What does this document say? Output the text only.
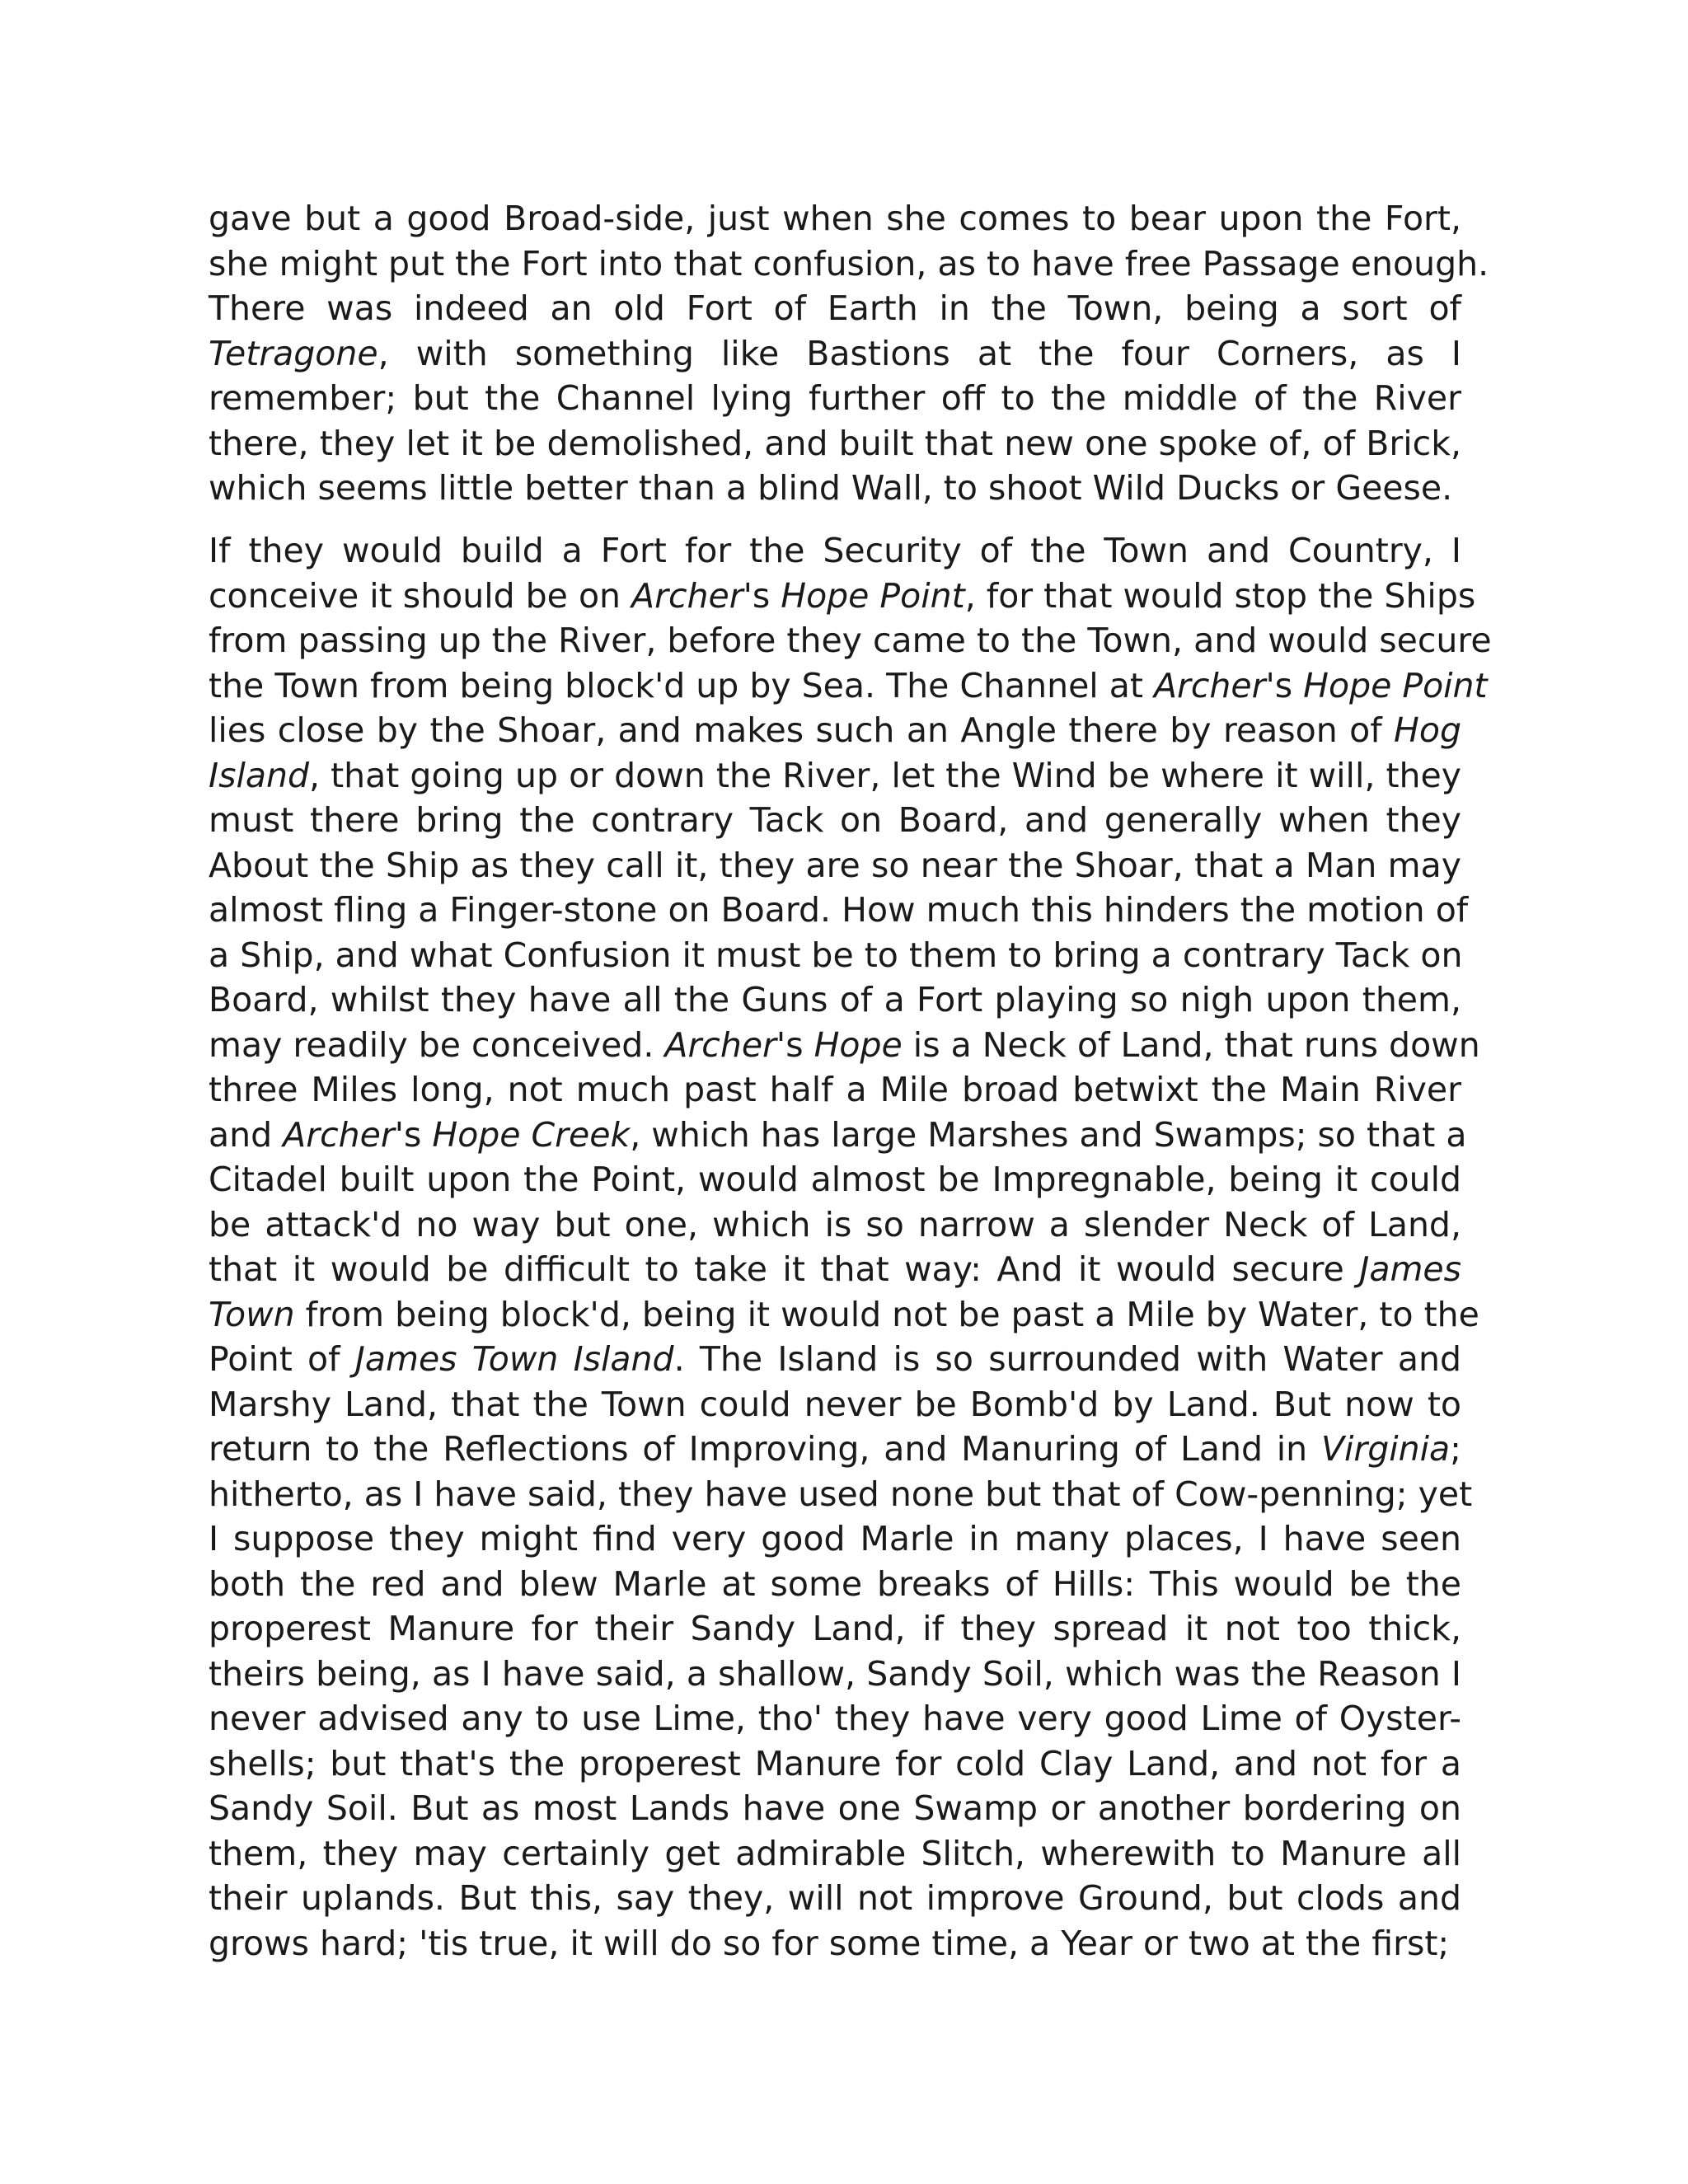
gave but a good Broad-side, just when she comes to bear upon the Fort,
she might put the Fort into that confusion, as to have free Passage enough.
There was indeed an old Fort of Earth in the Town, being a sort of
Tetragone, with something like Bastions at the four Corners, as I
remember; but the Channel lying further off to the middle of the River
there, they let it be demolished, and built that new one spoke of, of Brick,
which seems little better than a blind Wall, to shoot Wild Ducks or Geese.
If they would build a Fort for the Security of the Town and Country, I
conceive it should be on Archer's Hope Point, for that would stop the Ships
from passing up the River, before they came to the Town, and would secure
the Town from being block'd up by Sea. The Channel at Archer's Hope Point
lies close by the Shoar, and makes such an Angle there by reason of Hog
Island, that going up or down the River, let the Wind be where it will, they
must there bring the contrary Tack on Board, and generally when they
About the Ship as they call it, they are so near the Shoar, that a Man may
almost fling a Finger-stone on Board. How much this hinders the motion of
a Ship, and what Confusion it must be to them to bring a contrary Tack on
Board, whilst they have all the Guns of a Fort playing so nigh upon them,
may readily be conceived. Archer's Hope is a Neck of Land, that runs down
three Miles long, not much past half a Mile broad betwixt the Main River
and Archer's Hope Creek, which has large Marshes and Swamps; so that a
Citadel built upon the Point, would almost be Impregnable, being it could
be attack'd no way but one, which is so narrow a slender Neck of Land,
that it would be difficult to take it that way: And it would secure James
Town from being block'd, being it would not be past a Mile by Water, to the
Point of James Town Island. The Island is so surrounded with Water and
Marshy Land, that the Town could never be Bomb'd by Land. But now to
return to the Reflections of Improving, and Manuring of Land in Virginia;
hitherto, as I have said, they have used none but that of Cow-penning; yet
I suppose they might find very good Marle in many places, I have seen
both the red and blew Marle at some breaks of Hills: This would be the
properest Manure for their Sandy Land, if they spread it not too thick,
theirs being, as I have said, a shallow, Sandy Soil, which was the Reason I
never advised any to use Lime, tho' they have very good Lime of Oyster-
shells; but that's the properest Manure for cold Clay Land, and not for a
Sandy Soil. But as most Lands have one Swamp or another bordering on
them, they may certainly get admirable Slitch, wherewith to Manure all
their uplands. But this, say they, will not improve Ground, but clods and
grows hard; 'tis true, it will do so for some time, a Year or two at the first;
